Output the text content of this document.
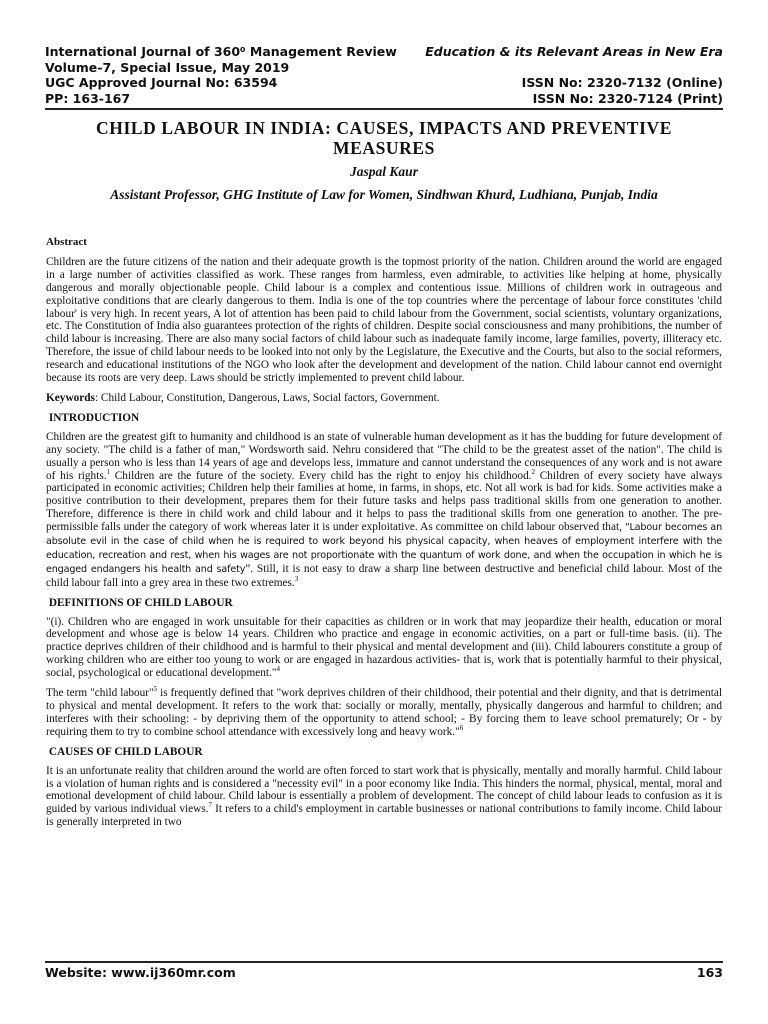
International Journal of 360⁰ Management Review Education & its Relevant Areas in New Era
Volume-7, Special Issue, May 2019
UGC Approved Journal No: 63594	ISSN No: 2320-7132 (Online)
PP: 163-167	ISSN No: 2320-7124 (Print)
CHILD LABOUR IN INDIA: CAUSES, IMPACTS AND PREVENTIVE
MEASURES
Jaspal Kaur
Assistant Professor, GHG Institute of Law for Women, Sindhwan Khurd, Ludhiana, Punjab, India
Abstract

Children are the future citizens of the nation and their adequate growth is the topmost priority of the nation. Children around the world are engaged in a large number of activities classified as work. These ranges from harmless, even admirable, to activities like helping at home, physically dangerous and morally objectionable people. Child labour is a complex and contentious issue. Millions of children work in outrageous and exploitative conditions that are clearly dangerous to them. India is one of the top countries where the percentage of labour force constitutes 'child labour' is very high. In recent years, A lot of attention has been paid to child labour from the Government, social scientists, voluntary organizations, etc. The Constitution of India also guarantees protection of the rights of children. Despite social consciousness and many prohibitions, the number of child labour is increasing. There are also many social factors of child labour such as inadequate family income, large families, poverty, illiteracy etc. Therefore, the issue of child labour needs to be looked into not only by the Legislature, the Executive and the Courts, but also to the social reformers, research and educational institutions of the NGO who look after the development and development of the nation. Child labour cannot end overnight because its roots are very deep. Laws should be strictly implemented to prevent child labour.

Keywords: Child Labour, Constitution, Dangerous, Laws, Social factors, Government.

INTRODUCTION

Children are the greatest gift to humanity and childhood is an state of vulnerable human development as it has the budding for future development of any society. "The child is a father of man," Wordsworth said. Nehru considered that "The child to be the greatest asset of the nation". The child is usually a person who is less than 14 years of age and develops less, immature and cannot understand the consequences of any work and is not aware of his rights.$^1$ Children are the future of the society. Every child has the right to enjoy his childhood.$^2$ Children of every society have always participated in economic activities; Children help their families at home, in farms, in shops, etc. Not all work is bad for kids. Some activities make a positive contribution to their development, prepares them for their future tasks and helps pass traditional skills from one generation to another. Therefore, difference is there in child work and child labour and it helps to pass the traditional skills from one generation to another. The pre-permissible falls under the category of work whereas later it is under exploitative. As committee on child labour observed that, “Labour becomes an absolute evil in the case of child when he is required to work beyond his physical capacity, when heaves of employment interfere with the education, recreation and rest, when his wages are not proportionate with the quantum of work done, and when the occupation in which he is engaged endangers his health and safety”. Still, it is not easy to draw a sharp line between destructive and beneficial child labour. Most of the child labour fall into a grey area in these two extremes.$^3$

DEFINITIONS OF CHILD LABOUR

"(i). Children who are engaged in work unsuitable for their capacities as children or in work that may jeopardize their health, education or moral development and whose age is below 14 years. Children who practice and engage in economic activities, on a part or full-time basis. (ii). The practice deprives children of their childhood and is harmful to their physical and mental development and (iii). Child labourers constitute a group of working children who are either too young to work or are engaged in hazardous activities- that is, work that is potentially harmful to their physical, social, psychological or educational development."$^4$

The term "child labour"$^5$ is frequently defined that "work deprives children of their childhood, their potential and their dignity, and that is detrimental to physical and mental development. It refers to the work that: socially or morally, mentally, physically dangerous and harmful to children; and interferes with their schooling: - by depriving them of the opportunity to attend school; - By forcing them to leave school prematurely; Or - by requiring them to try to combine school attendance with excessively long and heavy work."$^6$

CAUSES OF CHILD LABOUR

It is an unfortunate reality that children around the world are often forced to start work that is physically, mentally and morally harmful. Child labour is a violation of human rights and is considered a "necessity evil" in a poor economy like India. This hinders the normal, physical, mental, moral and emotional development of child labour. Child labour is essentially a problem of development. The concept of child labour leads to confusion as it is guided by various individual views.$^7$ It refers to a child's employment in cartable businesses or national contributions to family income. Child labour is generally interpreted in two

Website: www.ij360mr.com	163
